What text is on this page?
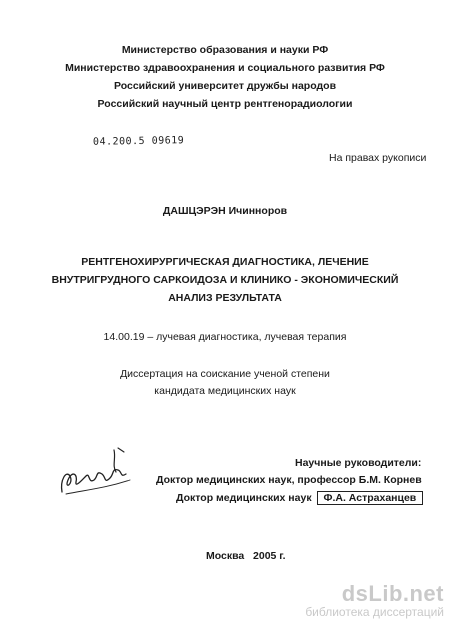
Министерство образования и науки РФ
Министерство здравоохранения и социального развития РФ
Российский университет дружбы народов
Российский научный центр рентгенорадиологии
04.200.5 09619
На правах рукописи
ДАШЦЭРЭН Ичинноров
РЕНТГЕНОХИРУРГИЧЕСКАЯ ДИАГНОСТИКА, ЛЕЧЕНИЕ
ВНУТРИГРУДНОГО САРКОИДОЗА И КЛИНИКО - ЭКОНОМИЧЕСКИЙ
АНАЛИЗ РЕЗУЛЬТАТА
14.00.19 – лучевая диагностика, лучевая терапия
Диссертация на соискание ученой степени
кандидата медицинских наук
Научные руководители:
Доктор медицинских наук, профессор Б.М. Корнев
Доктор медицинских наук Ф.А. Астраханцев
Москва   2005 г.
dsLib.net
библиотека диссертаций
